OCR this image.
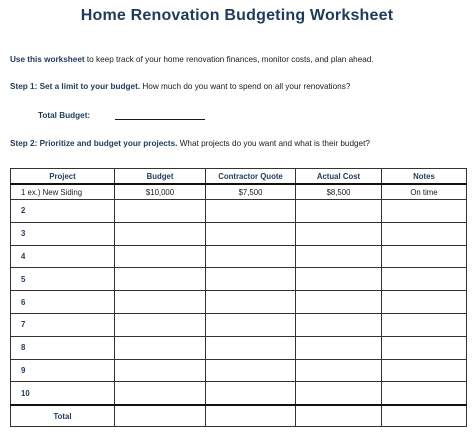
Home Renovation Budgeting Worksheet
Use this worksheet to keep track of your home renovation finances, monitor costs, and plan ahead.
Step 1: Set a limit to your budget. How much do you want to spend on all your renovations?
Total Budget:
Step 2: Prioritize and budget your projects. What projects do you want and what is their budget?
Project	Budget	Contractor Quote	Actual Cost	Notes
1 ex.) New Siding	$10,000	$7,500	$8,500	On time
2				
3				
4				
5				
6				
7				
8				
9				
10				
Total				
